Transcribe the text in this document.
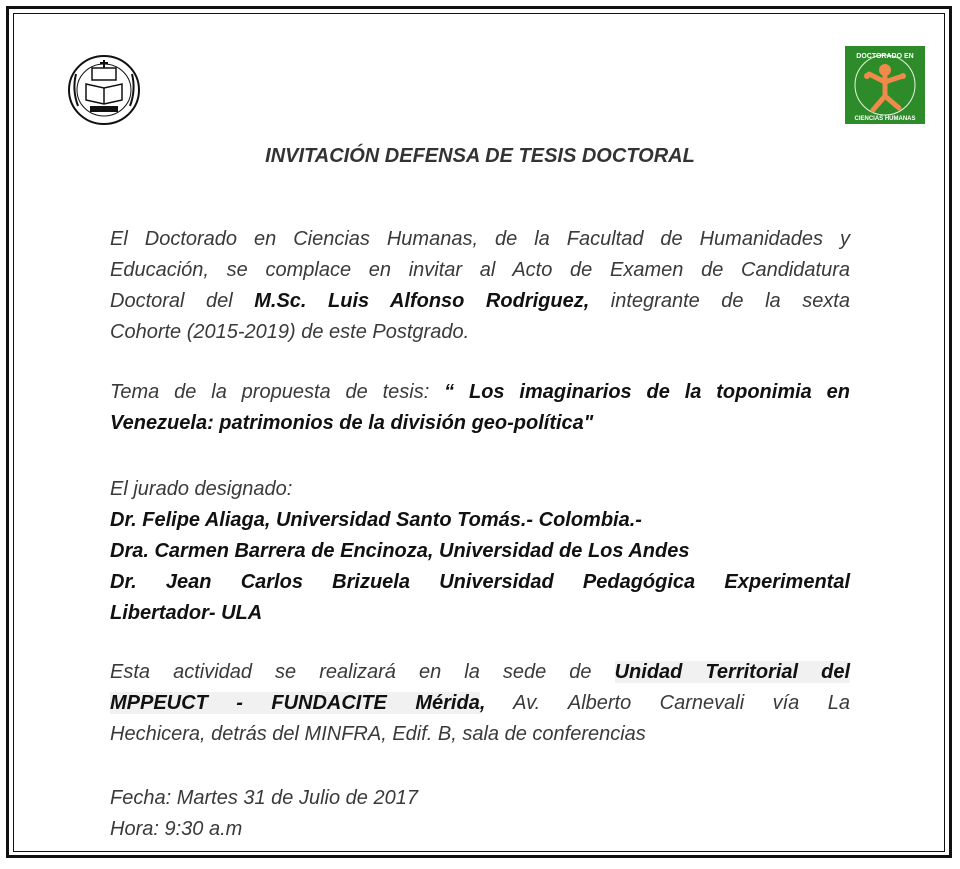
DOCTORADO EN
CIENCIAS HUMANAS
INVITACIÓN DEFENSA DE TESIS DOCTORAL
El Doctorado en Ciencias Humanas, de la Facultad de Humanidades y
Educación, se complace en invitar al Acto de Examen de Candidatura
Doctoral del M.Sc. Luis Alfonso Rodriguez, integrante de la sexta
Cohorte (2015-2019) de este Postgrado.
Tema de la propuesta de tesis: “ Los imaginarios de la toponimia en
Venezuela: patrimonios de la división geo-política"
El jurado designado:
Dr. Felipe Aliaga, Universidad Santo Tomás.- Colombia.-
Dra. Carmen Barrera de Encinoza, Universidad de Los Andes
Dr. Jean Carlos Brizuela Universidad Pedagógica Experimental
Libertador- ULA
Esta actividad se realizará en la sede de Unidad Territorial del
MPPEUCT - FUNDACITE Mérida, Av. Alberto Carnevali vía La
Hechicera, detrás del MINFRA, Edif. B, sala de conferencias
Fecha: Martes 31 de Julio de 2017
Hora: 9:30 a.m
